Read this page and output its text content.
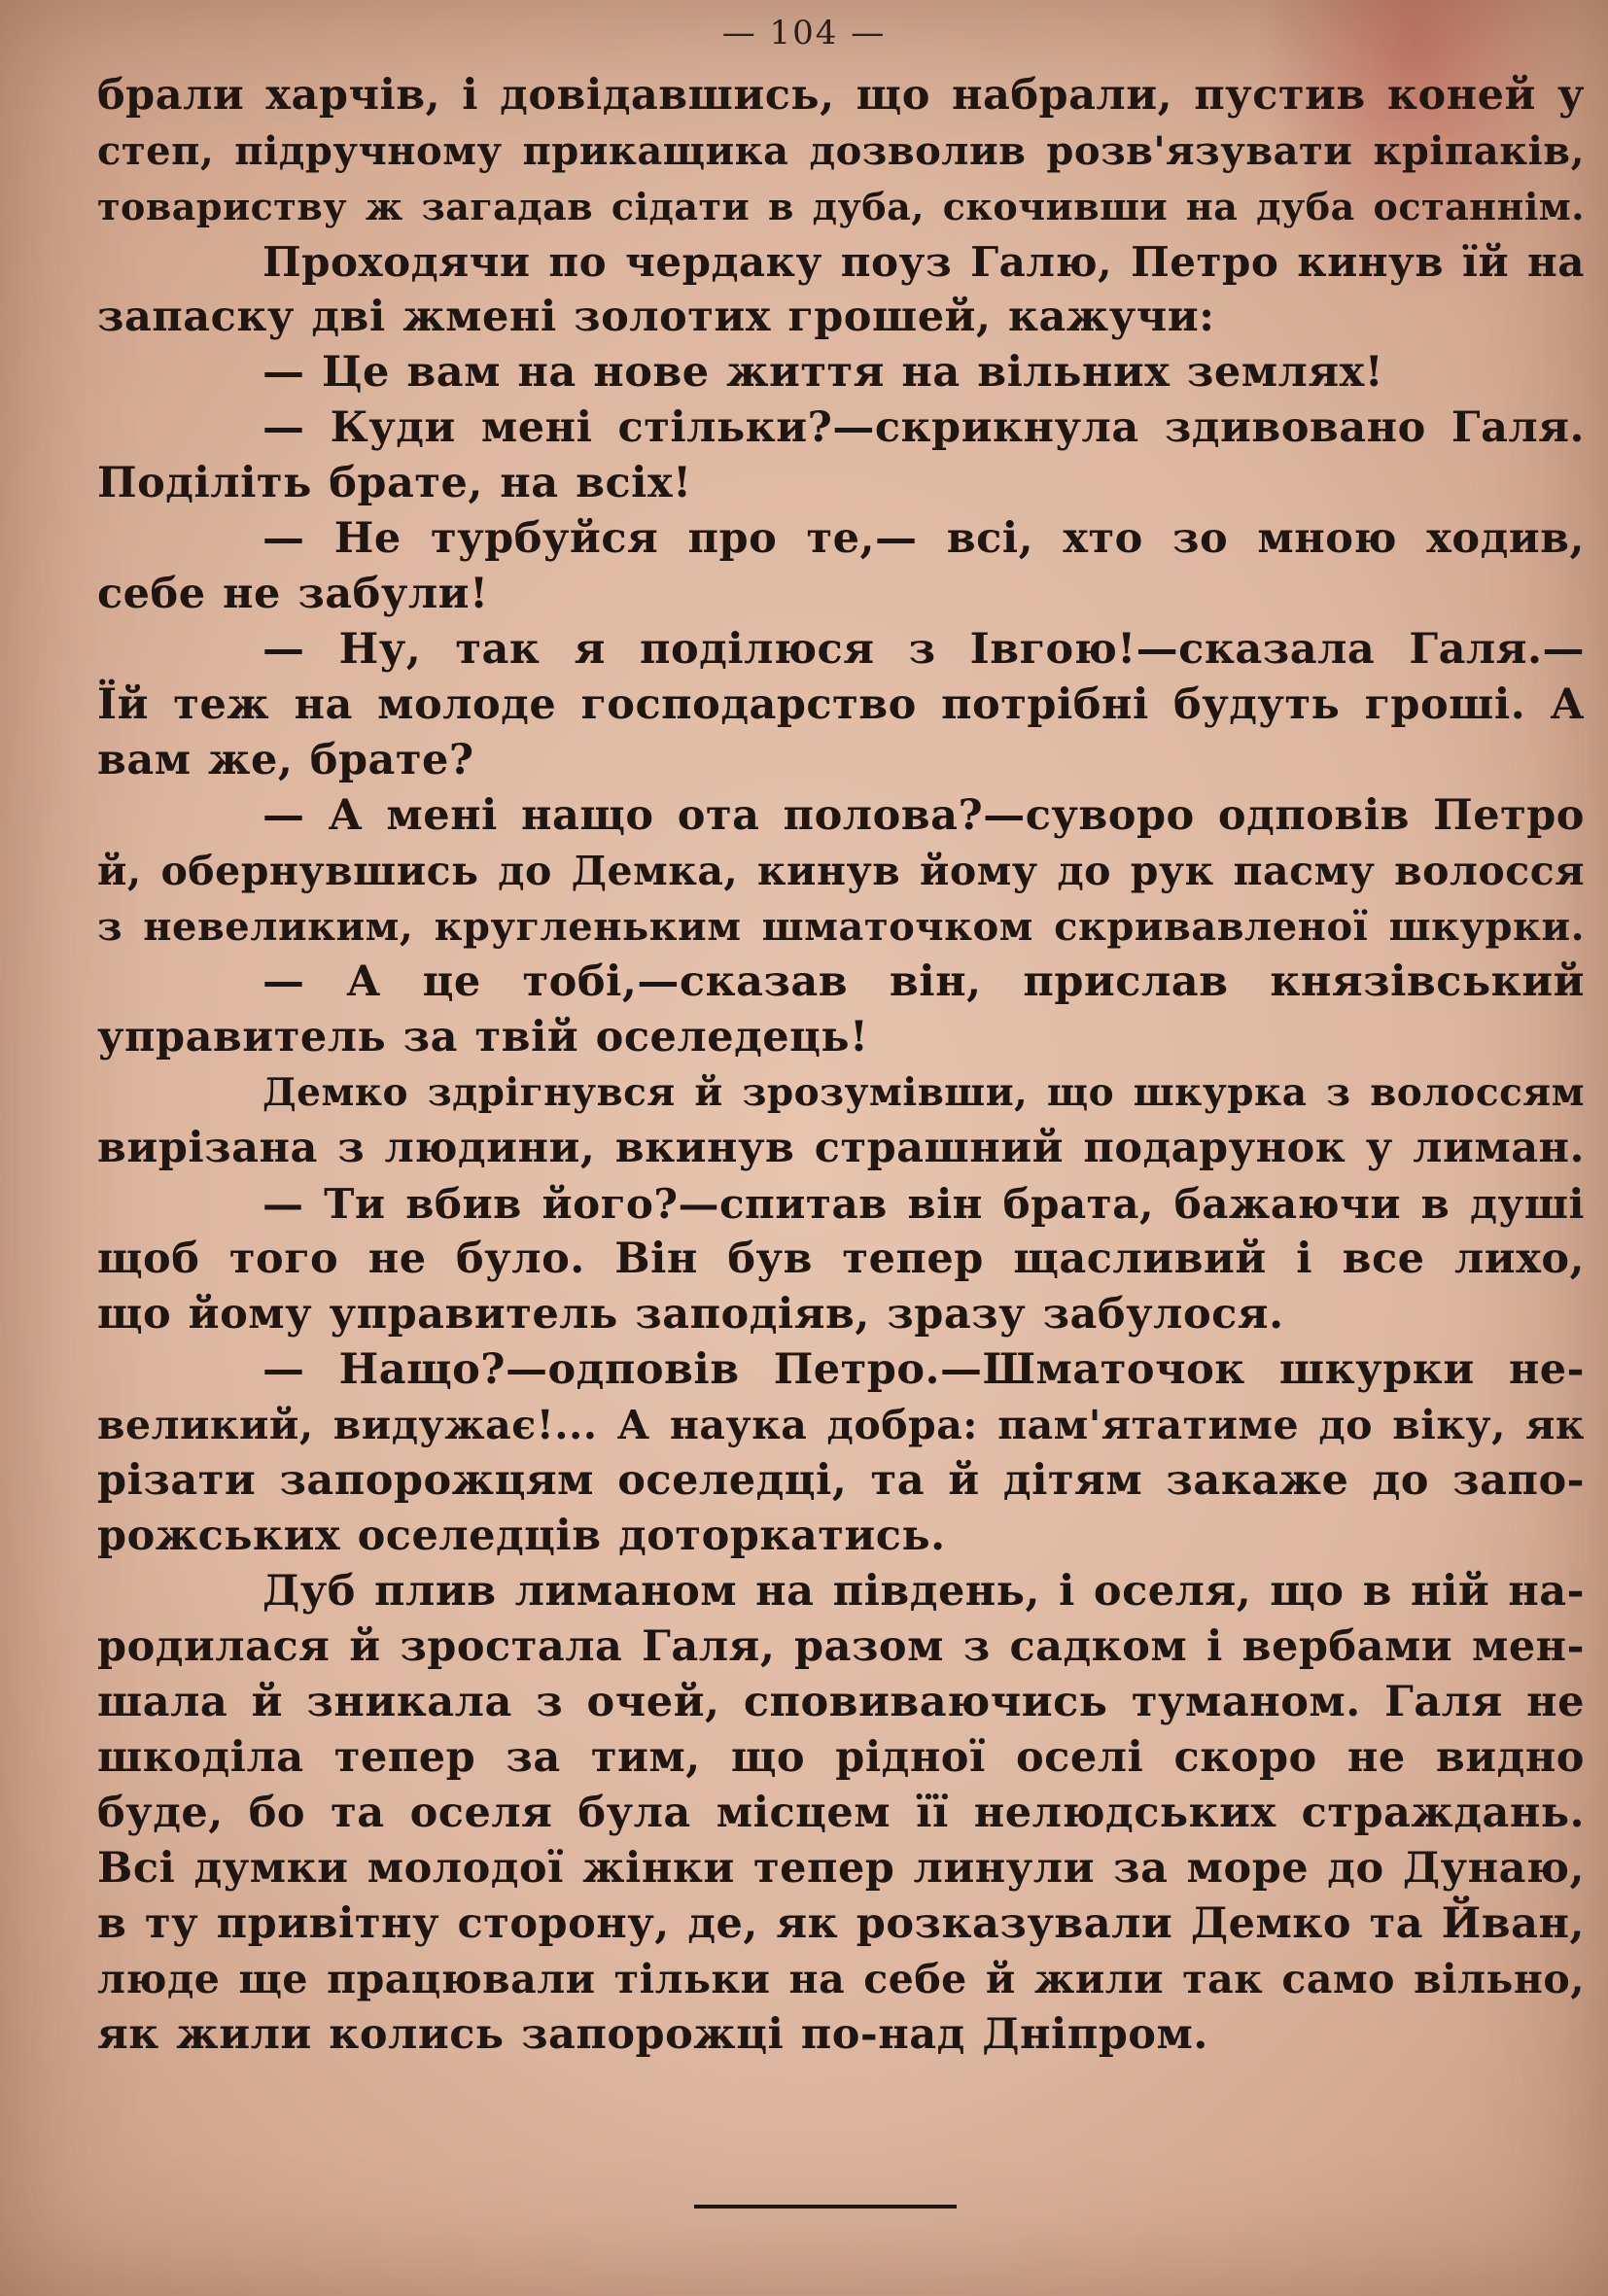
— 104 —
брали харчів, і довідавшись, що набрали, пустив коней у
степ, підручному прикащика дозволив розв'язувати кріпаків,
товариству ж загадав сідати в дуба, скочивши на дуба останнім.
Проходячи по чердаку поуз Галю, Петро кинув їй на
запаску дві жмені золотих грошей, кажучи:
— Це вам на нове життя на вільних землях!
— Куди мені стільки?—скрикнула здивовано Галя.
Поділіть брате, на всіх!
— Не турбуйся про те,— всі, хто зо мною ходив,
себе не забули!
— Ну, так я поділюся з Івгою!—сказала Галя.—
Їй теж на молоде господарство потрібні будуть гроші. А
вам же, брате?
— А мені нащо ота полова?—суворо одповів Петро
й, обернувшись до Демка, кинув йому до рук пасму волосся
з невеликим, кругленьким шматочком скривавленої шкурки.
— А це тобі,—сказав він, прислав князівський
управитель за твій оселедець!
Демко здрігнувся й зрозумівши, що шкурка з волоссям
вирізана з людини, вкинув страшний подарунок у лиман.
— Ти вбив його?—спитав він брата, бажаючи в душі
щоб того не було. Він був тепер щасливий і все лихо,
що йому управитель заподіяв, зразу забулося.
— Нащо?—одповів Петро.—Шматочок шкурки не-
великий, видужає!... А наука добра: пам'ятатиме до віку, як
різати запорожцям оселедці, та й дітям закаже до запо-
рожських оселедців доторкатись.
Дуб плив лиманом на південь, і оселя, що в ній на-
родилася й зростала Галя, разом з садком і вербами мен-
шала й зникала з очей, сповиваючись туманом. Галя не
шкоділа тепер за тим, що рідної оселі скоро не видно
буде, бо та оселя була місцем її нелюдських страждань.
Всі думки молодої жінки тепер линули за море до Дунаю,
в ту привітну сторону, де, як розказували Демко та Йван,
люде ще працювали тільки на себе й жили так само вільно,
як жили колись запорожці по-над Дніпром.
